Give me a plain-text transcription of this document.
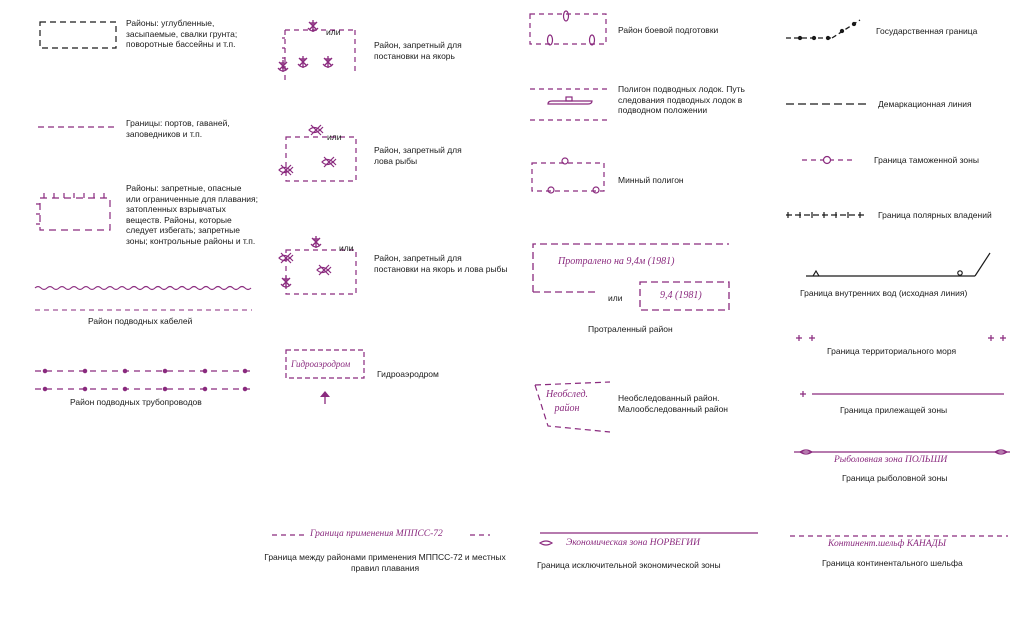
Районы: углубленные, засыпаемые, свалки грунта; поворотные бассейны и т.п.
Границы: портов, гаваней, заповедников и т.п.
Районы: запретные, опасные или ограниченные для плавания; затопленных взрывчатых веществ. Районы, которые следует избегать; запретные зоны; контрольные районы и т.п.
Район подводных кабелей
Район подводных трубопроводов
или
Район, запретный для постановки на якорь
или
Район, запретный для лова рыбы
или
Район, запретный для постановки на якорь и лова рыбы
Гидроаэродром
Гидроаэродром
Граница применения МППСС-72
Граница между районами применения МППСС-72 и местных правил плавания
Район боевой подготовки
Полигон подводных лодок. Путь следования подводных лодок в подводном положении
Минный полигон
Протралено на 9,4м (1981)
или	9,4 (1981)
Протраленный район
Необслед. район
Необследованный район. Малообследованный район
Экономическая зона НОРВЕГИИ
Граница исключительной экономической зоны
Государственная граница
Демаркационная линия
Граница таможенной зоны
Граница полярных владений
Граница внутренних вод (исходная линия)
Граница территориального моря
Граница прилежащей зоны
Рыболовная зона ПОЛЬШИ
Граница рыболовной зоны
Континент.шельф КАНАДЫ
Граница континентального шельфа
